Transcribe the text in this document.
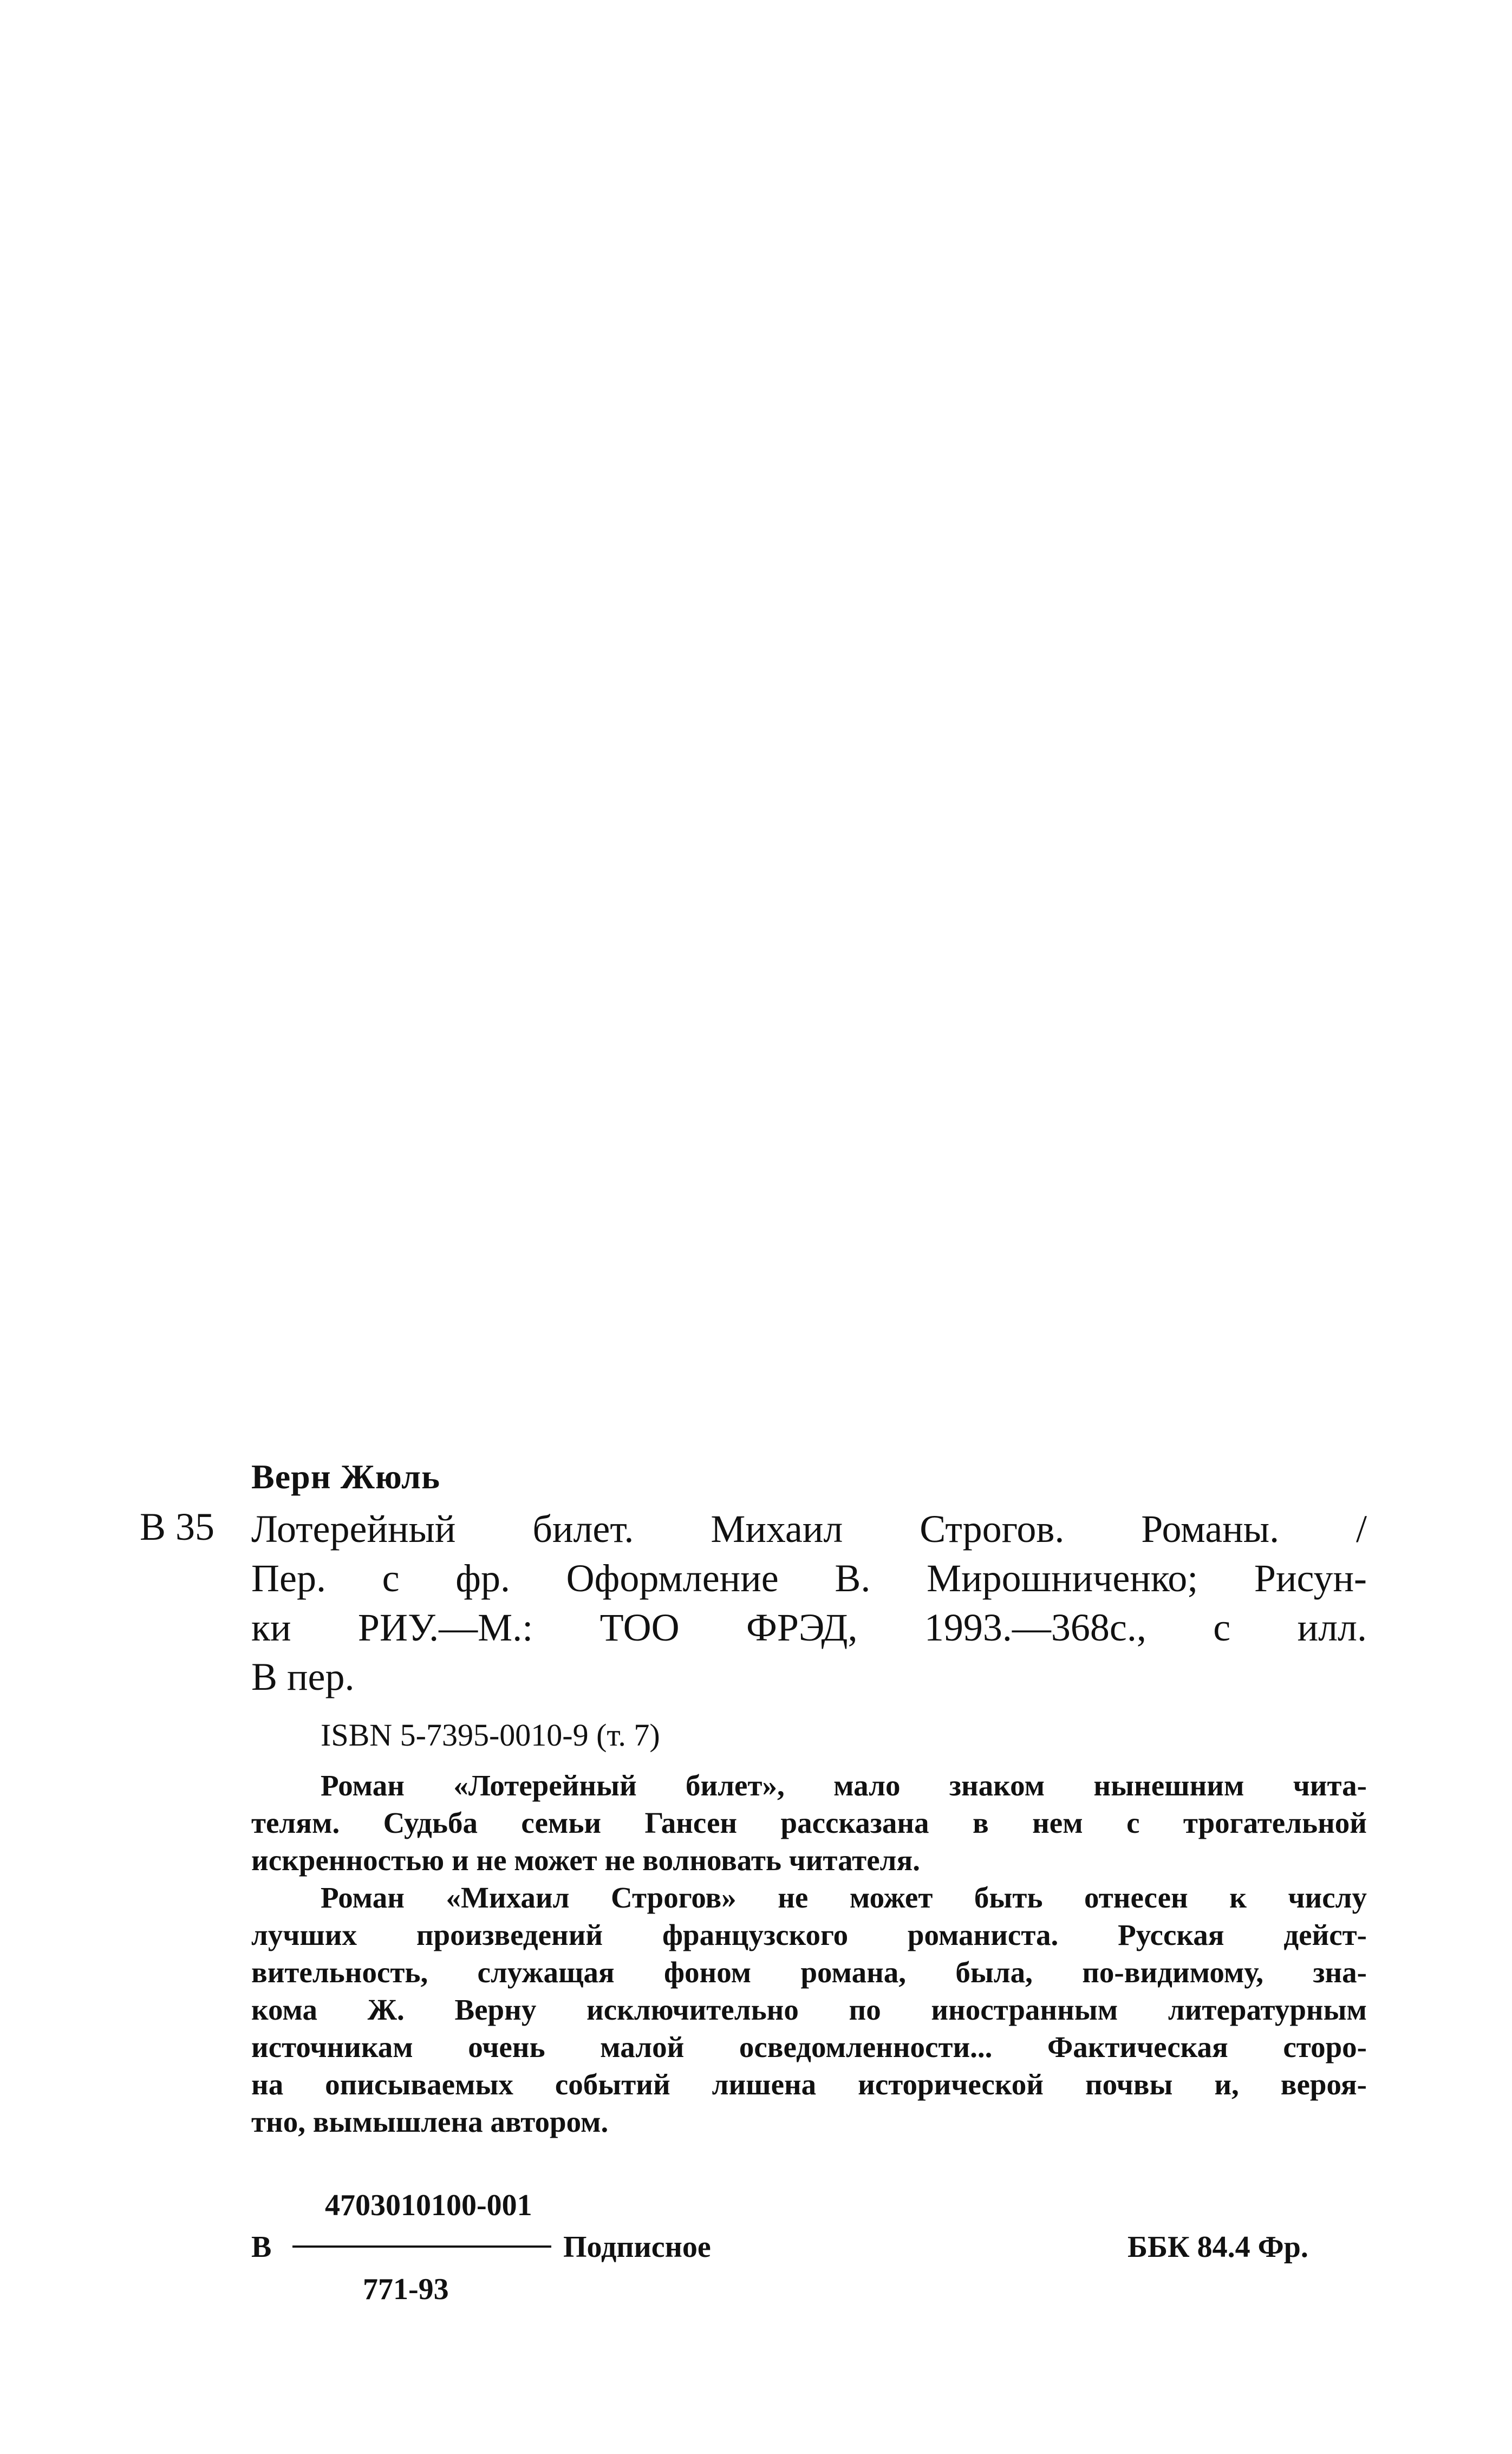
Верн Жюль
В 35 Лотерейный билет. Михаил Строгов. Романы. /
Пер. с фр. Оформление В. Мирошниченко; Рисун-
ки РИУ.—М.: ТОО ФРЭД, 1993.—368с., с илл.
В пер.
ISBN 5-7395-0010-9 (т. 7)
Роман «Лотерейный билет», мало знаком нынешним чита-
телям. Судьба семьи Гансен рассказана в нем с трогательной
искренностью и не может не волновать читателя.
Роман «Михаил Строгов» не может быть отнесен к числу
лучших произведений французского романиста. Русская дейст-
вительность, служащая фоном романа, была, по-видимому, зна-
кома Ж. Верну исключительно по иностранным литературным
источникам очень малой осведомленности... Фактическая сторо-
на описываемых событий лишена исторической почвы и, вероя-
тно, вымышлена автором.
В
4703010100-001
771-93
Подписное	ББК 84.4 Фр.
